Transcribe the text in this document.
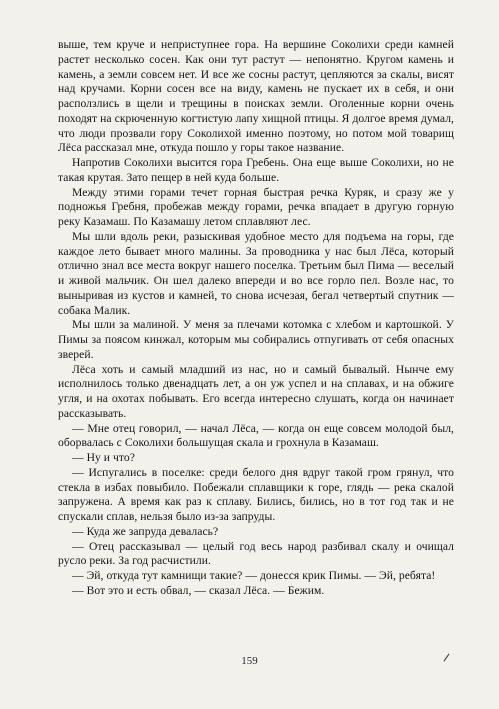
выше, тем круче и неприступнее гора. На вершине Соколихи среди камней растет несколько сосен. Как они тут растут — непонятно. Кругом камень и камень, а земли совсем нет. И все же сосны растут, цепляются за скалы, висят над кручами. Корни сосен все на виду, камень не пускает их в себя, и они расползлись в щели и трещины в поисках земли. Оголенные корни очень походят на скрюченную когтистую лапу хищной птицы. Я долгое время думал, что люди прозвали гору Соколихой именно поэтому, но потом мой товарищ Лёса рассказал мне, откуда пошло у горы такое название.

Напротив Соколихи высится гора Гребень. Она еще выше Соколихи, но не такая крутая. Зато пещер в ней куда больше.

Между этими горами течет горная быстрая речка Куряк, и сразу же у подножья Гребня, пробежав между горами, речка впадает в другую горную реку Казамаш. По Казамашу летом сплавляют лес.

Мы шли вдоль реки, разыскивая удобное место для подъема на горы, где каждое лето бывает много малины. За проводника у нас был Лёса, который отлично знал все места вокруг нашего поселка. Третьим был Пима — веселый и живой мальчик. Он шел далеко впереди и во все горло пел. Возле нас, то выныривая из кустов и камней, то снова исчезая, бегал четвертый спутник — собака Малик.

Мы шли за малиной. У меня за плечами котомка с хлебом и картошкой. У Пимы за поясом кинжал, которым мы собирались отпугивать от себя опасных зверей.

Лёса хоть и самый младший из нас, но и самый бывалый. Нынче ему исполнилось только двенадцать лет, а он уж успел и на сплавах, и на обжиге угля, и на охотах побывать. Его всегда интересно слушать, когда он начинает рассказывать.

— Мне отец говорил, — начал Лёса, — когда он еще совсем молодой был, оборвалась с Соколихи большущая скала и грохнула в Казамаш.

— Ну и что?

— Испугались в поселке: среди белого дня вдруг такой гром грянул, что стекла в избах повыбило. Побежали сплавщики к горе, глядь — река скалой запружена. А время как раз к сплаву. Бились, бились, но в тот год так и не спускали сплав, нельзя было из-за запруды.

— Куда же запруда девалась?

— Отец рассказывал — целый год весь народ разбивал скалу и очищал русло реки. За год расчистили.

— Эй, откуда тут камнищи такие? — донесся крик Пимы. — Эй, ребята!

— Вот это и есть обвал, — сказал Лёса. — Бежим.

159
